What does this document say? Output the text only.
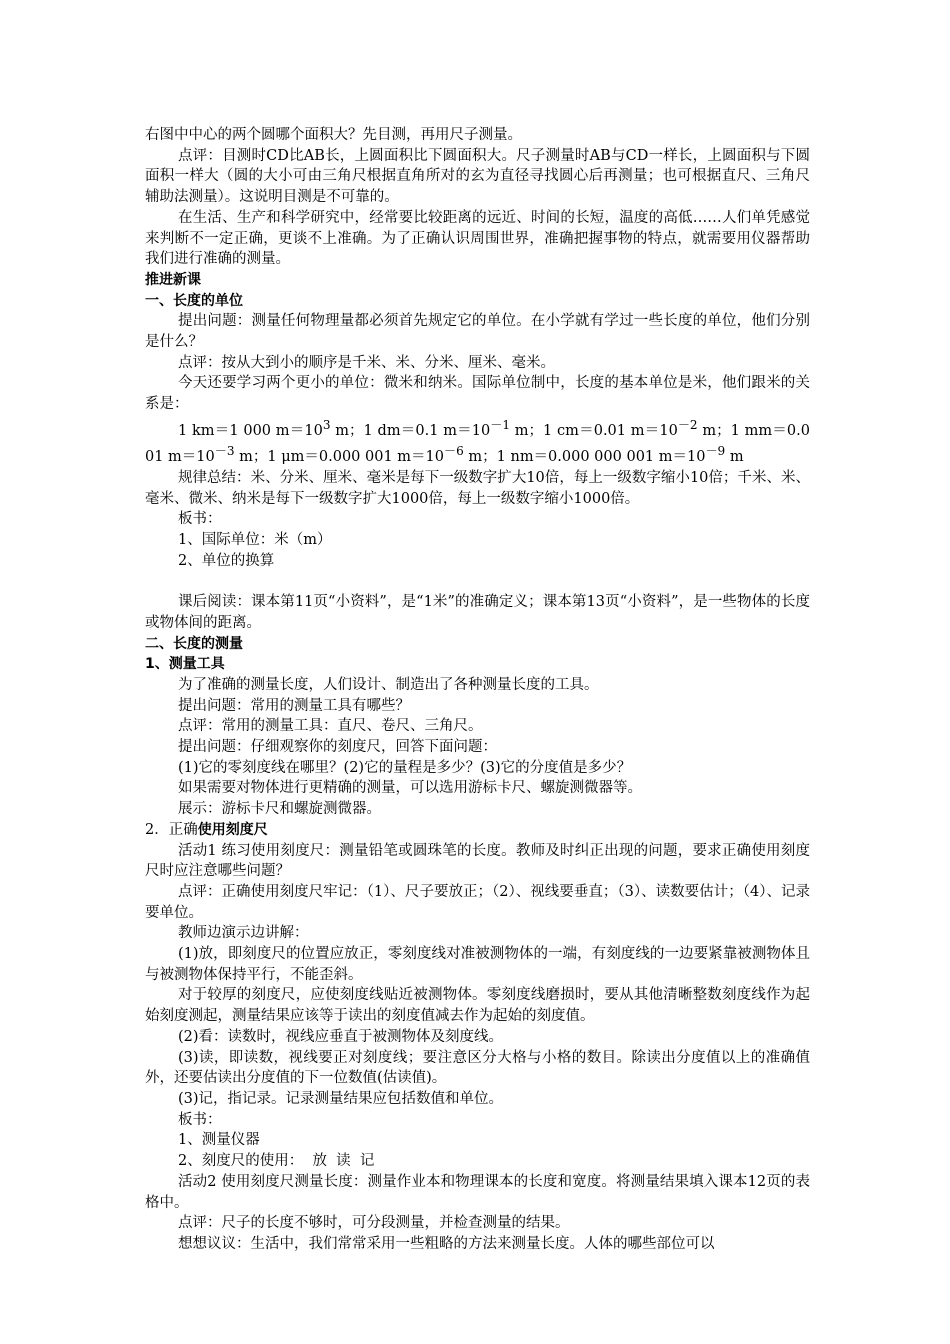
右图中中心的两个圆哪个面积大？先目测，再用尺子测量。

点评：目测时CD比AB长，上圆面积比下圆面积大。尺子测量时AB与CD一样长，上圆面积与下圆面积一样大（圆的大小可由三角尺根据直角所对的玄为直径寻找圆心后再测量；也可根据直尺、三角尺辅助法测量）。这说明目测是不可靠的。

在生活、生产和科学研究中，经常要比较距离的远近、时间的长短，温度的高低……人们单凭感觉来判断不一定正确，更谈不上准确。为了正确认识周围世界，准确把握事物的特点，就需要用仪器帮助我们进行准确的测量。

推进新课

一、长度的单位

提出问题：测量任何物理量都必须首先规定它的单位。在小学就有学过一些长度的单位，他们分别是什么？

点评：按从大到小的顺序是千米、米、分米、厘米、毫米。

今天还要学习两个更小的单位：微米和纳米。国际单位制中，长度的基本单位是米，他们跟米的关系是：

1 km＝1 000 $m=10^3$ m；1 dm＝0.1 $m=10^{-1}$ m；1 cm＝0.01 $m=10^{-2}$ m；1 mm＝0.0 01 $m=10^{-3}$ m；1 μm＝0.000 001 $m=10^{-6}$ m；1 nm＝0.000 000 001 $m=10^{-9}$ m

规律总结：米、分米、厘米、毫米是每下一级数字扩大10倍，每上一级数字缩小10倍；千米、米、毫米、微米、纳米是每下一级数字扩大1000倍，每上一级数字缩小1000倍。

板书：

1、国际单位：米（m）

2、单位的换算

课后阅读：课本第11页“小资料”，是“1米”的准确定义；课本第13页“小资料”，是一些物体的长度或物体间的距离。

二、长度的测量

1、测量工具

为了准确的测量长度，人们设计、制造出了各种测量长度的工具。

提出问题：常用的测量工具有哪些？

点评：常用的测量工具：直尺、卷尺、三角尺。

提出问题：仔细观察你的刻度尺，回答下面问题：

(1)它的零刻度线在哪里？(2)它的量程是多少？(3)它的分度值是多少？

如果需要对物体进行更精确的测量，可以选用游标卡尺、螺旋测微器等。

展示：游标卡尺和螺旋测微器。

2．正确使用刻度尺

活动1 练习使用刻度尺：测量铅笔或圆珠笔的长度。教师及时纠正出现的问题，要求正确使用刻度尺时应注意哪些问题？

点评：正确使用刻度尺牢记：（1）、尺子要放正；（2）、视线要垂直；（3）、读数要估计；（4）、记录要单位。

教师边演示边讲解：

(1)放，即刻度尺的位置应放正，零刻度线对准被测物体的一端，有刻度线的一边要紧靠被测物体且与被测物体保持平行，不能歪斜。

对于较厚的刻度尺，应使刻度线贴近被测物体。零刻度线磨损时，要从其他清晰整数刻度线作为起始刻度测起，测量结果应该等于读出的刻度值减去作为起始的刻度值。

(2)看：读数时，视线应垂直于被测物体及刻度线。

(3)读，即读数，视线要正对刻度线；要注意区分大格与小格的数目。除读出分度值以上的准确值外，还要估读出分度值的下一位数值(估读值)。

(3)记，指记录。记录测量结果应包括数值和单位。

板书：

1、测量仪器

2、刻度尺的使用：  放  读  记

活动2 使用刻度尺测量长度：测量作业本和物理课本的长度和宽度。将测量结果填入课本12页的表格中。

点评：尺子的长度不够时，可分段测量，并检查测量的结果。

想想议议：生活中，我们常常采用一些粗略的方法来测量长度。人体的哪些部位可以
